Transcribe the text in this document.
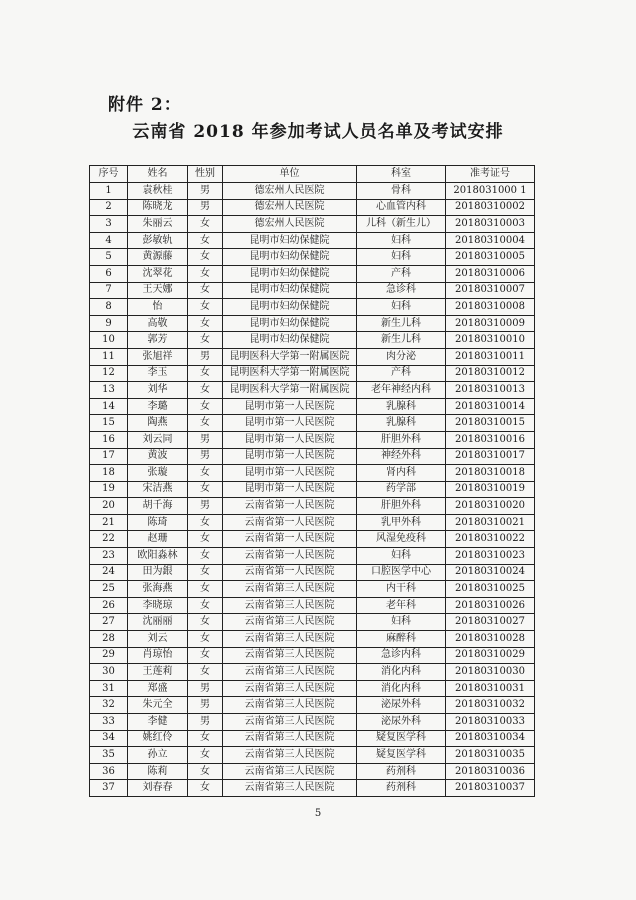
附件 2：
云南省 2018 年参加考试人员名单及考试安排
序号	姓名	性别	单位	科室	准考证号
1	袁秋桂	男	德宏州人民医院	骨科	2018031000 1
2	陈晓龙	男	德宏州人民医院	心血管内科	20180310002
3	朱丽云	女	德宏州人民医院	儿科（新生儿）	20180310003
4	彭敏轨	女	昆明市妇幼保健院	妇科	20180310004
5	黄源藤	女	昆明市妇幼保健院	妇科	20180310005
6	沈翠花	女	昆明市妇幼保健院	产科	20180310006
7	王天娜	女	昆明市妇幼保健院	急诊科	20180310007
8	怡	女	昆明市妇幼保健院	妇科	20180310008
9	高敬	女	昆明市妇幼保健院	新生儿科	20180310009
10	郭芳	女	昆明市妇幼保健院	新生儿科	20180310010
11	张旭祥	男	昆明医科大学第一附属医院	肉分泌	20180310011
12	李玉	女	昆明医科大学第一附属医院	产科	20180310012
13	刘华	女	昆明医科大学第一附属医院	老年神经内科	20180310013
14	李璐	女	昆明市第一人民医院	乳腺科	20180310014
15	陶燕	女	昆明市第一人民医院	乳腺科	20180310015
16	刘云同	男	昆明市第一人民医院	肝胆外科	20180310016
17	黄波	男	昆明市第一人民医院	神经外科	20180310017
18	张璇	女	昆明市第一人民医院	肾内科	20180310018
19	宋洁燕	女	昆明市第一人民医院	药学部	20180310019
20	胡千海	男	云南省第一人民医院	肝胆外科	20180310020
21	陈琦	女	云南省第一人民医院	乳甲外科	20180310021
22	赵珊	女	云南省第一人民医院	风湿免疫科	20180310022
23	欧阳淼林	女	云南省第一人民医院	妇科	20180310023
24	田为銀	女	云南省第一人民医院	口腔医学中心	20180310024
25	张海燕	女	云南省第三人民医院	内干科	20180310025
26	李晓琼	女	云南省第三人民医院	老年科	20180310026
27	沈丽丽	女	云南省第三人民医院	妇科	20180310027
28	刘云	女	云南省第三人民医院	麻醉科	20180310028
29	肖琼怡	女	云南省第三人民医院	急诊内科	20180310029
30	王莲莉	女	云南省第三人民医院	消化内科	20180310030
31	郑盛	男	云南省第三人民医院	消化内科	20180310031
32	朱元全	男	云南省第三人民医院	泌尿外科	20180310032
33	李健	男	云南省第三人民医院	泌尿外科	20180310033
34	姚红伶	女	云南省第三人民医院	疑复医学科	20180310034
35	孙立	女	云南省第三人民医院	疑复医学科	20180310035
36	陈莉	女	云南省第三人民医院	药剂科	20180310036
37	刘春春	女	云南省第三人民医院	药剂科	20180310037
5
